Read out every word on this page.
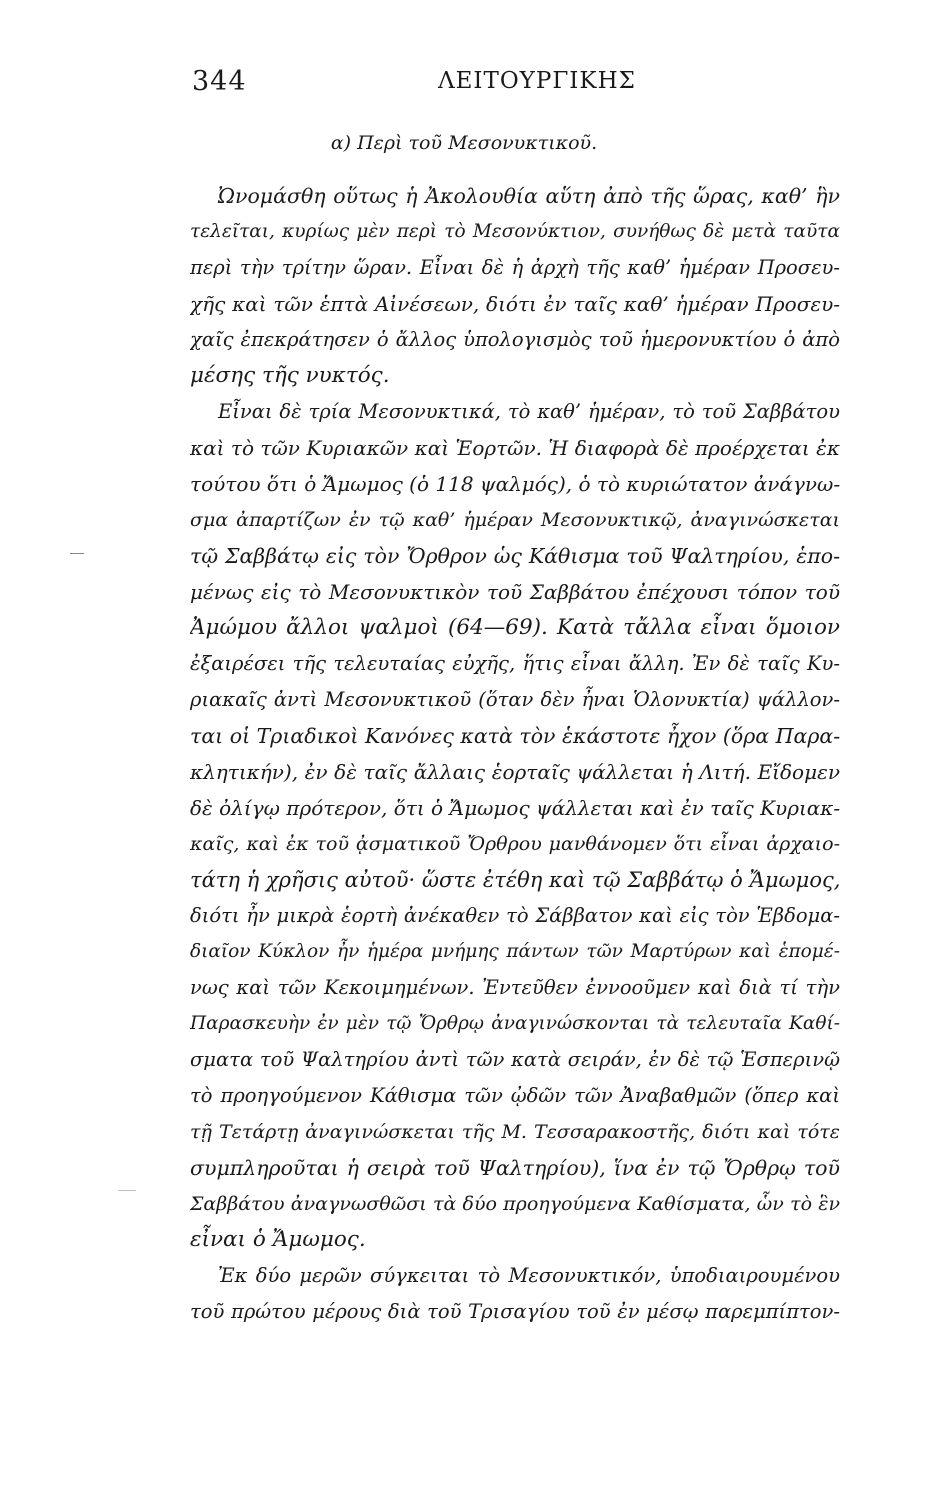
344	ΛΕΙΤΟΥΡΓΙΚΗΣ
α) Περὶ τοῦ Μεσονυκτικοῦ.
Ὠνομάσθη οὕτως ἡ Ἀκολουθία αὕτη ἀπὸ τῆς ὥρας, καθ’ ἣν
τελεῖται, κυρίως μὲν περὶ τὸ Μεσονύκτιον, συνήθως δὲ μετὰ ταῦτα
περὶ τὴν τρίτην ὥραν. Εἶναι δὲ ἡ ἀρχὴ τῆς καθ’ ἡμέραν Προσευ-
χῆς καὶ τῶν ἑπτὰ Αἰνέσεων, διότι ἐν ταῖς καθ’ ἡμέραν Προσευ-
χαῖς ἐπεκράτησεν ὁ ἄλλος ὑπολογισμὸς τοῦ ἡμερονυκτίου ὁ ἀπὸ
μέσης τῆς νυκτός.
Εἶναι δὲ τρία Μεσονυκτικά, τὸ καθ’ ἡμέραν, τὸ τοῦ Σαββάτου
καὶ τὸ τῶν Κυριακῶν καὶ Ἑορτῶν. Ἡ διαφορὰ δὲ προέρχεται ἐκ
τούτου ὅτι ὁ Ἄμωμος (ὁ 118 ψαλμός), ὁ τὸ κυριώτατον ἀνάγνω-
σμα ἀπαρτίζων ἐν τῷ καθ’ ἡμέραν Μεσονυκτικῷ, ἀναγινώσκεται
τῷ Σαββάτῳ εἰς τὸν Ὄρθρον ὡς Κάθισμα τοῦ Ψαλτηρίου, ἑπο-
μένως εἰς τὸ Μεσονυκτικὸν τοῦ Σαββάτου ἐπέχουσι τόπον τοῦ
Ἀμώμου ἄλλοι ψαλμοὶ (64—69). Κατὰ τἄλλα εἶναι ὅμοιον
ἐξαιρέσει τῆς τελευταίας εὐχῆς, ἥτις εἶναι ἄλλη. Ἐν δὲ ταῖς Κυ-
ριακαῖς ἀντὶ Μεσονυκτικοῦ (ὅταν δὲν ἦναι Ὁλονυκτία) ψάλλον-
ται οἱ Τριαδικοὶ Κανόνες κατὰ τὸν ἑκάστοτε ἦχον (ὅρα Παρα-
κλητικήν), ἐν δὲ ταῖς ἄλλαις ἑορταῖς ψάλλεται ἡ Λιτή. Εἴδομεν
δὲ ὀλίγῳ πρότερον, ὅτι ὁ Ἄμωμος ψάλλεται καὶ ἐν ταῖς Κυριακ-
καῖς, καὶ ἐκ τοῦ ᾀσματικοῦ Ὄρθρου μανθάνομεν ὅτι εἶναι ἀρχαιο-
τάτη ἡ χρῆσις αὐτοῦ· ὥστε ἐτέθη καὶ τῷ Σαββάτῳ ὁ Ἄμωμος,
διότι ἦν μικρὰ ἑορτὴ ἀνέκαθεν τὸ Σάββατον καὶ εἰς τὸν Ἑβδομα-
διαῖον Κύκλον ἦν ἡμέρα μνήμης πάντων τῶν Μαρτύρων καὶ ἑπομέ-
νως καὶ τῶν Κεκοιμημένων. Ἐντεῦθεν ἐννοοῦμεν καὶ διὰ τί τὴν
Παρασκευὴν ἐν μὲν τῷ Ὄρθρῳ ἀναγινώσκονται τὰ τελευταῖα Καθί-
σματα τοῦ Ψαλτηρίου ἀντὶ τῶν κατὰ σειράν, ἐν δὲ τῷ Ἑσπερινῷ
τὸ προηγούμενον Κάθισμα τῶν ᾠδῶν τῶν Ἀναβαθμῶν (ὅπερ καὶ
τῇ Τετάρτῃ ἀναγινώσκεται τῆς Μ. Τεσσαρακοστῆς, διότι καὶ τότε
συμπληροῦται ἡ σειρὰ τοῦ Ψαλτηρίου), ἵνα ἐν τῷ Ὄρθρῳ τοῦ
Σαββάτου ἀναγνωσθῶσι τὰ δύο προηγούμενα Καθίσματα, ὧν τὸ ἓν
εἶναι ὁ Ἄμωμος.
Ἐκ δύο μερῶν σύγκειται τὸ Μεσονυκτικόν, ὑποδιαιρουμένου
τοῦ πρώτου μέρους διὰ τοῦ Τρισαγίου τοῦ ἐν μέσῳ παρεμπίπτον-
